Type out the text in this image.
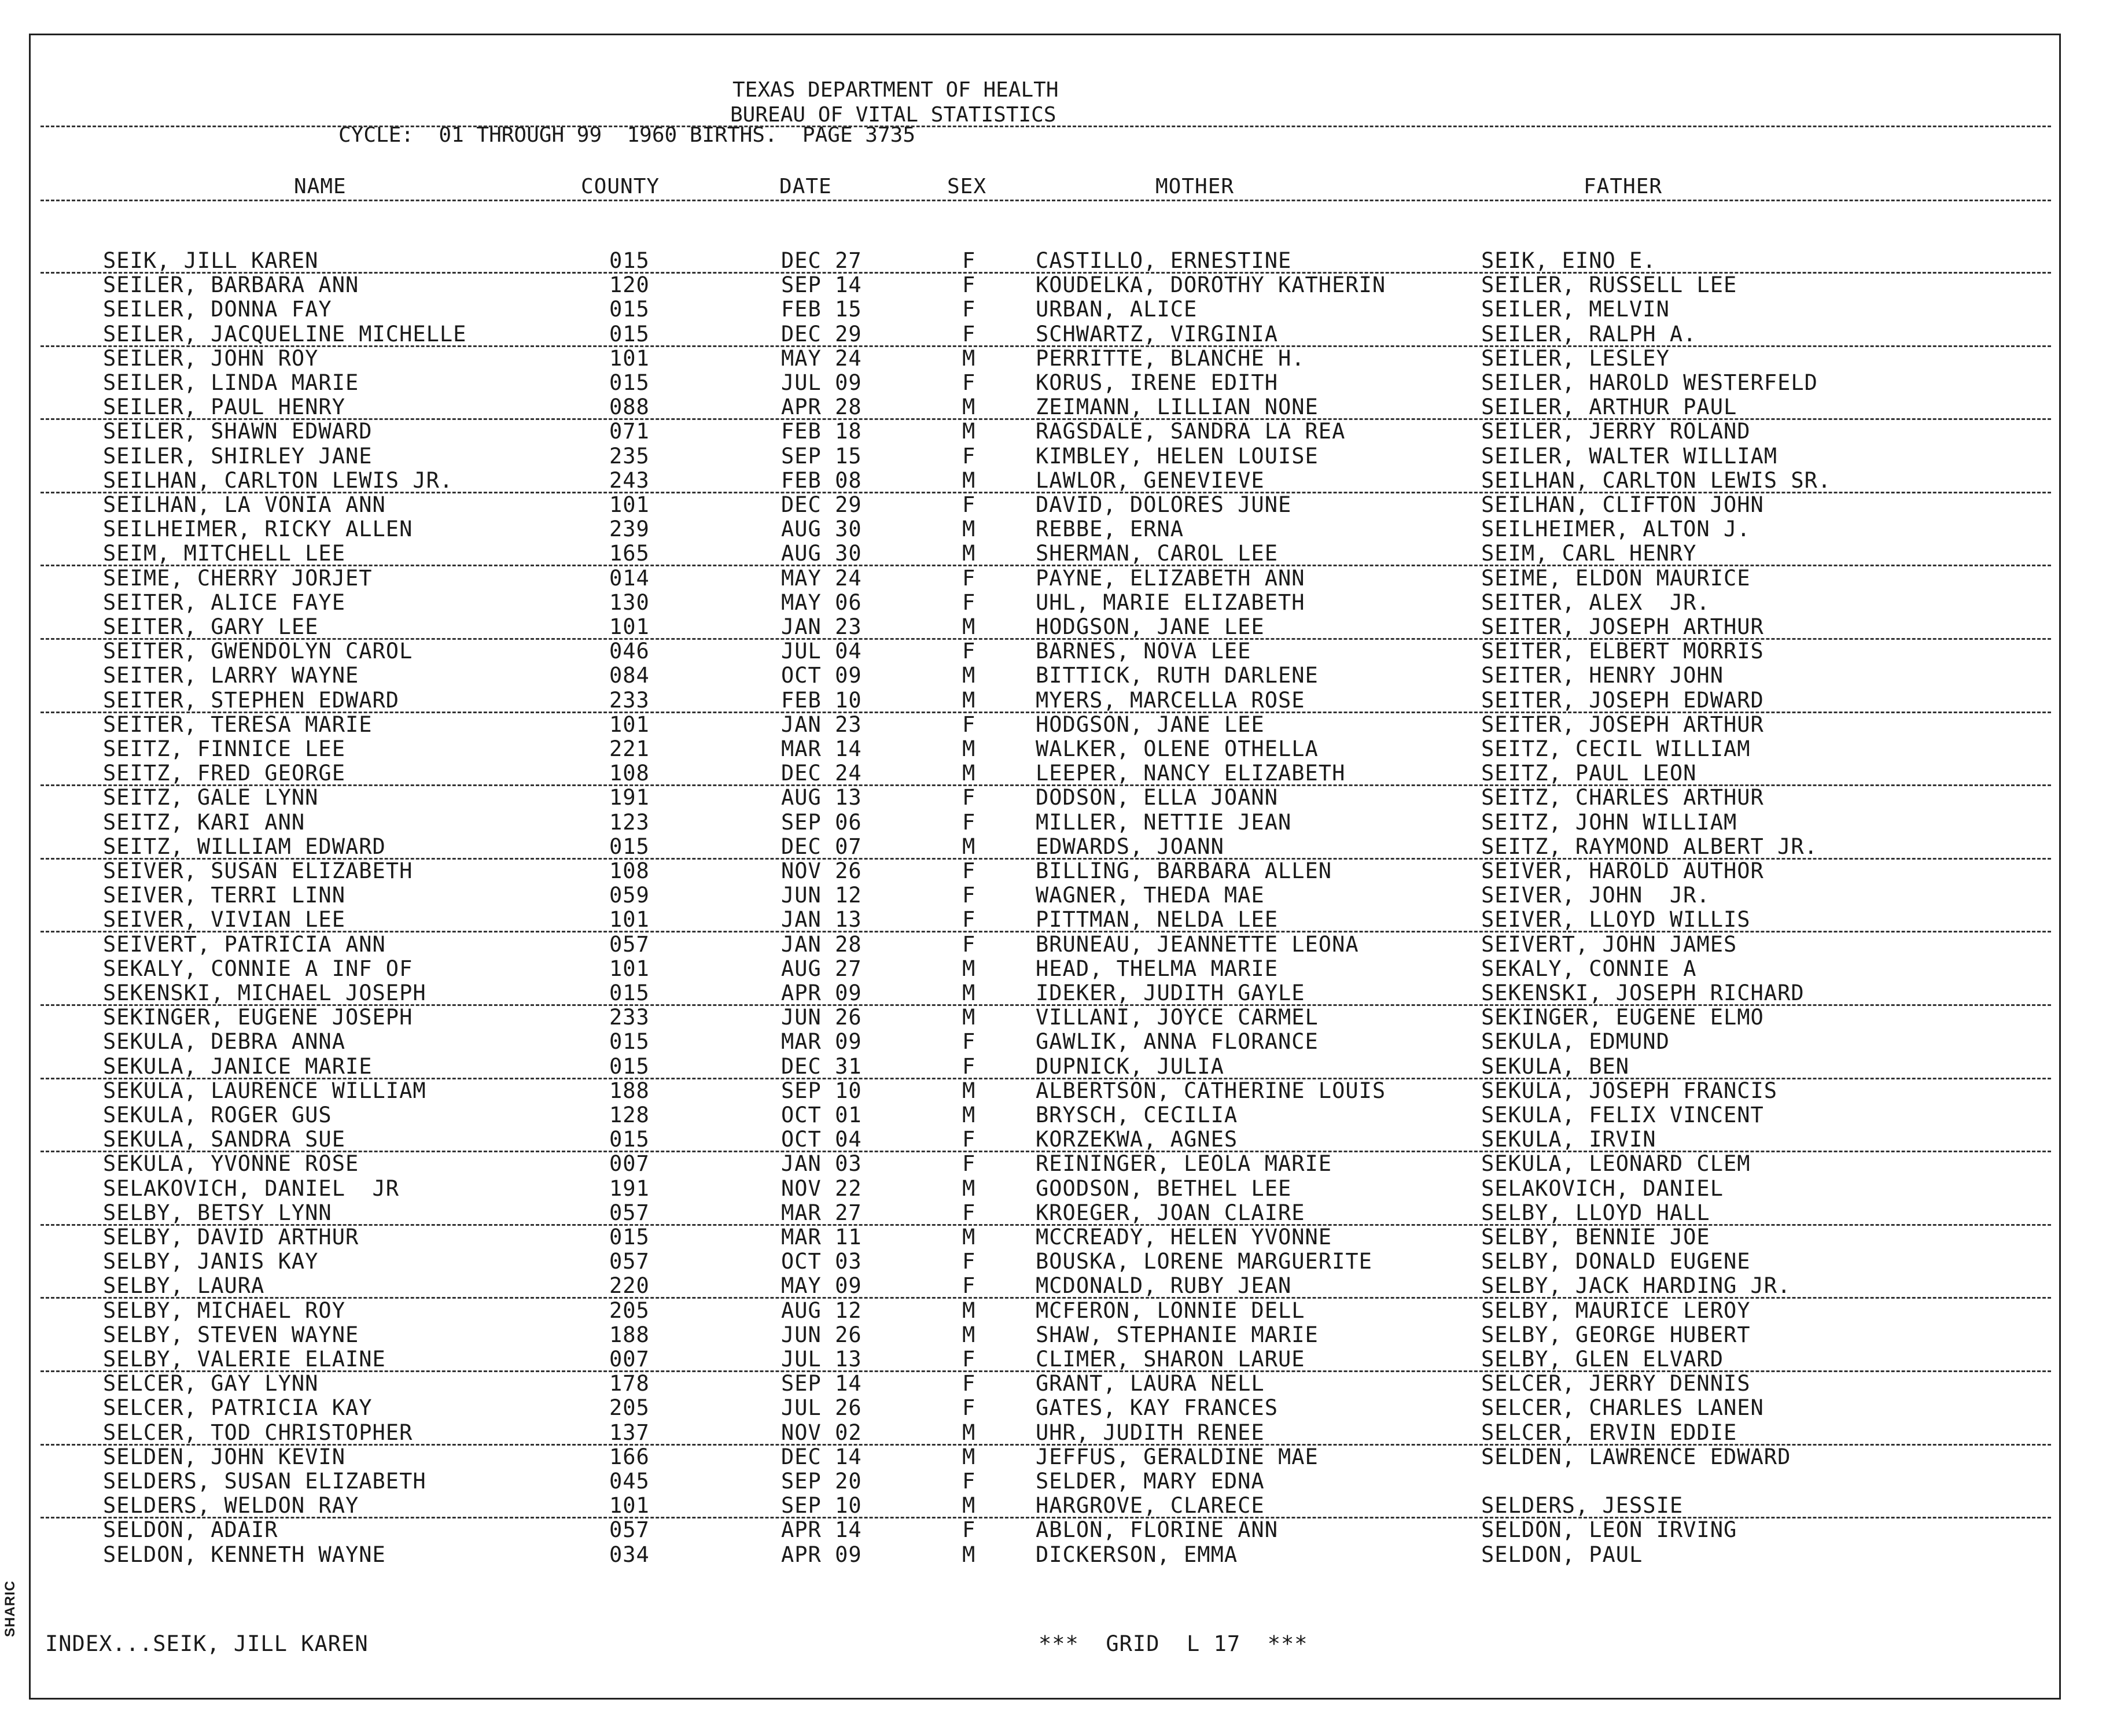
SHARIC
TEXAS DEPARTMENT OF HEALTH
BUREAU OF VITAL STATISTICS
CYCLE:  01 THROUGH 99  1960 BIRTHS.  PAGE 3735
NAME	COUNTY	DATE	SEX	MOTHER	FATHER
SEIK, JILL KAREN	015	DEC 27	F	CASTILLO, ERNESTINE	SEIK, EINO E.
SEILER, BARBARA ANN	120	SEP 14	F	KOUDELKA, DOROTHY KATHERIN	SEILER, RUSSELL LEE
SEILER, DONNA FAY	015	FEB 15	F	URBAN, ALICE	SEILER, MELVIN
SEILER, JACQUELINE MICHELLE	015	DEC 29	F	SCHWARTZ, VIRGINIA	SEILER, RALPH A.
SEILER, JOHN ROY	101	MAY 24	M	PERRITTE, BLANCHE H.	SEILER, LESLEY
SEILER, LINDA MARIE	015	JUL 09	F	KORUS, IRENE EDITH	SEILER, HAROLD WESTERFELD
SEILER, PAUL HENRY	088	APR 28	M	ZEIMANN, LILLIAN NONE	SEILER, ARTHUR PAUL
SEILER, SHAWN EDWARD	071	FEB 18	M	RAGSDALE, SANDRA LA REA	SEILER, JERRY ROLAND
SEILER, SHIRLEY JANE	235	SEP 15	F	KIMBLEY, HELEN LOUISE	SEILER, WALTER WILLIAM
SEILHAN, CARLTON LEWIS JR.	243	FEB 08	M	LAWLOR, GENEVIEVE	SEILHAN, CARLTON LEWIS SR.
SEILHAN, LA VONIA ANN	101	DEC 29	F	DAVID, DOLORES JUNE	SEILHAN, CLIFTON JOHN
SEILHEIMER, RICKY ALLEN	239	AUG 30	M	REBBE, ERNA	SEILHEIMER, ALTON J.
SEIM, MITCHELL LEE	165	AUG 30	M	SHERMAN, CAROL LEE	SEIM, CARL HENRY
SEIME, CHERRY JORJET	014	MAY 24	F	PAYNE, ELIZABETH ANN	SEIME, ELDON MAURICE
SEITER, ALICE FAYE	130	MAY 06	F	UHL, MARIE ELIZABETH	SEITER, ALEX  JR.
SEITER, GARY LEE	101	JAN 23	M	HODGSON, JANE LEE	SEITER, JOSEPH ARTHUR
SEITER, GWENDOLYN CAROL	046	JUL 04	F	BARNES, NOVA LEE	SEITER, ELBERT MORRIS
SEITER, LARRY WAYNE	084	OCT 09	M	BITTICK, RUTH DARLENE	SEITER, HENRY JOHN
SEITER, STEPHEN EDWARD	233	FEB 10	M	MYERS, MARCELLA ROSE	SEITER, JOSEPH EDWARD
SEITER, TERESA MARIE	101	JAN 23	F	HODGSON, JANE LEE	SEITER, JOSEPH ARTHUR
SEITZ, FINNICE LEE	221	MAR 14	M	WALKER, OLENE OTHELLA	SEITZ, CECIL WILLIAM
SEITZ, FRED GEORGE	108	DEC 24	M	LEEPER, NANCY ELIZABETH	SEITZ, PAUL LEON
SEITZ, GALE LYNN	191	AUG 13	F	DODSON, ELLA JOANN	SEITZ, CHARLES ARTHUR
SEITZ, KARI ANN	123	SEP 06	F	MILLER, NETTIE JEAN	SEITZ, JOHN WILLIAM
SEITZ, WILLIAM EDWARD	015	DEC 07	M	EDWARDS, JOANN	SEITZ, RAYMOND ALBERT JR.
SEIVER, SUSAN ELIZABETH	108	NOV 26	F	BILLING, BARBARA ALLEN	SEIVER, HAROLD AUTHOR
SEIVER, TERRI LINN	059	JUN 12	F	WAGNER, THEDA MAE	SEIVER, JOHN  JR.
SEIVER, VIVIAN LEE	101	JAN 13	F	PITTMAN, NELDA LEE	SEIVER, LLOYD WILLIS
SEIVERT, PATRICIA ANN	057	JAN 28	F	BRUNEAU, JEANNETTE LEONA	SEIVERT, JOHN JAMES
SEKALY, CONNIE A INF OF	101	AUG 27	M	HEAD, THELMA MARIE	SEKALY, CONNIE A
SEKENSKI, MICHAEL JOSEPH	015	APR 09	M	IDEKER, JUDITH GAYLE	SEKENSKI, JOSEPH RICHARD
SEKINGER, EUGENE JOSEPH	233	JUN 26	M	VILLANI, JOYCE CARMEL	SEKINGER, EUGENE ELMO
SEKULA, DEBRA ANNA	015	MAR 09	F	GAWLIK, ANNA FLORANCE	SEKULA, EDMUND
SEKULA, JANICE MARIE	015	DEC 31	F	DUPNICK, JULIA	SEKULA, BEN
SEKULA, LAURENCE WILLIAM	188	SEP 10	M	ALBERTSON, CATHERINE LOUIS	SEKULA, JOSEPH FRANCIS
SEKULA, ROGER GUS	128	OCT 01	M	BRYSCH, CECILIA	SEKULA, FELIX VINCENT
SEKULA, SANDRA SUE	015	OCT 04	F	KORZEKWA, AGNES	SEKULA, IRVIN
SEKULA, YVONNE ROSE	007	JAN 03	F	REININGER, LEOLA MARIE	SEKULA, LEONARD CLEM
SELAKOVICH, DANIEL  JR	191	NOV 22	M	GOODSON, BETHEL LEE	SELAKOVICH, DANIEL
SELBY, BETSY LYNN	057	MAR 27	F	KROEGER, JOAN CLAIRE	SELBY, LLOYD HALL
SELBY, DAVID ARTHUR	015	MAR 11	M	MCCREADY, HELEN YVONNE	SELBY, BENNIE JOE
SELBY, JANIS KAY	057	OCT 03	F	BOUSKA, LORENE MARGUERITE	SELBY, DONALD EUGENE
SELBY, LAURA	220	MAY 09	F	MCDONALD, RUBY JEAN	SELBY, JACK HARDING JR.
SELBY, MICHAEL ROY	205	AUG 12	M	MCFERON, LONNIE DELL	SELBY, MAURICE LEROY
SELBY, STEVEN WAYNE	188	JUN 26	M	SHAW, STEPHANIE MARIE	SELBY, GEORGE HUBERT
SELBY, VALERIE ELAINE	007	JUL 13	F	CLIMER, SHARON LARUE	SELBY, GLEN ELVARD
SELCER, GAY LYNN	178	SEP 14	F	GRANT, LAURA NELL	SELCER, JERRY DENNIS
SELCER, PATRICIA KAY	205	JUL 26	F	GATES, KAY FRANCES	SELCER, CHARLES LANEN
SELCER, TOD CHRISTOPHER	137	NOV 02	M	UHR, JUDITH RENEE	SELCER, ERVIN EDDIE
SELDEN, JOHN KEVIN	166	DEC 14	M	JEFFUS, GERALDINE MAE	SELDEN, LAWRENCE EDWARD
SELDERS, SUSAN ELIZABETH	045	SEP 20	F	SELDER, MARY EDNA
SELDERS, WELDON RAY	101	SEP 10	M	HARGROVE, CLARECE	SELDERS, JESSIE
SELDON, ADAIR	057	APR 14	F	ABLON, FLORINE ANN	SELDON, LEON IRVING
SELDON, KENNETH WAYNE	034	APR 09	M	DICKERSON, EMMA	SELDON, PAUL
INDEX...SEIK, JILL KAREN	***  GRID  L 17  ***
